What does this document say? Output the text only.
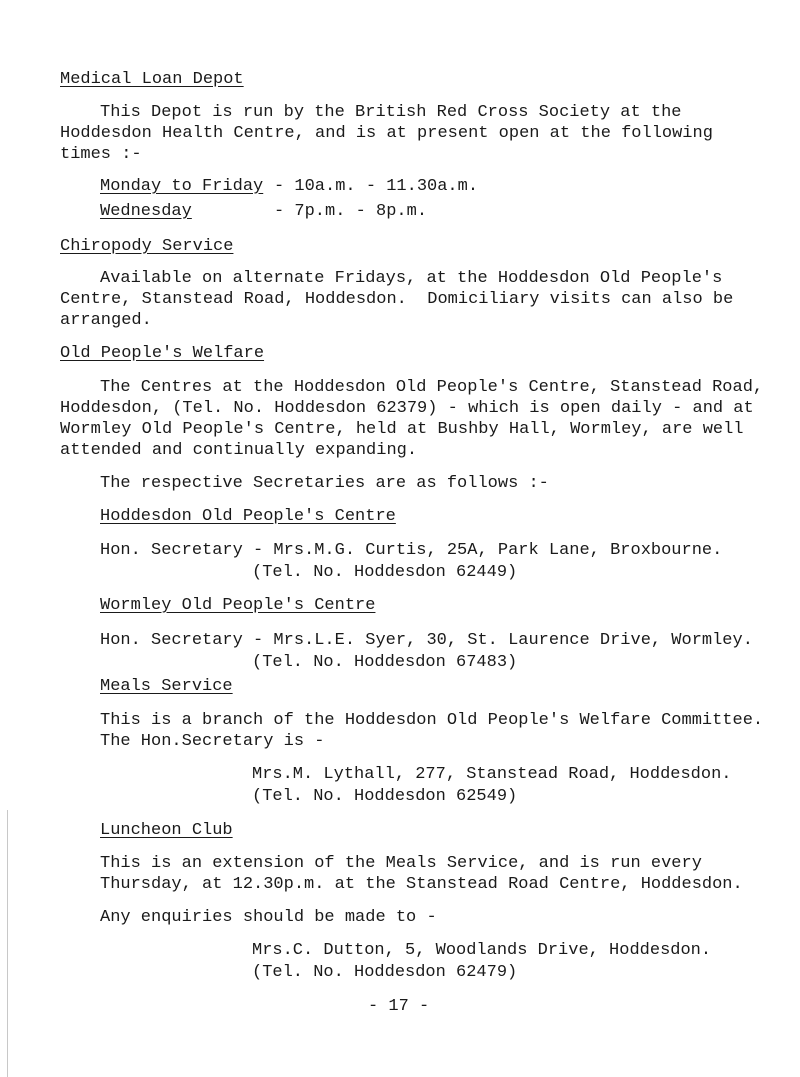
Medical Loan Depot
This Depot is run by the British Red Cross Society at the
Hoddesdon Health Centre, and is at present open at the following
times :-
Monday to Friday - 10a.m. - 11.30a.m.
Wednesday	- 7p.m. - 8p.m.
Chiropody Service
Available on alternate Fridays, at the Hoddesdon Old People's
Centre, Stanstead Road, Hoddesdon.  Domiciliary visits can also be
arranged.
Old People's Welfare
The Centres at the Hoddesdon Old People's Centre, Stanstead Road,
Hoddesdon, (Tel. No. Hoddesdon 62379) - which is open daily - and at
Wormley Old People's Centre, held at Bushby Hall, Wormley, are well
attended and continually expanding.
The respective Secretaries are as follows :-
Hoddesdon Old People's Centre
Hon. Secretary - Mrs.M.G. Curtis, 25A, Park Lane, Broxbourne.
(Tel. No. Hoddesdon 62449)
Wormley Old People's Centre
Hon. Secretary - Mrs.L.E. Syer, 30, St. Laurence Drive, Wormley.
(Tel. No. Hoddesdon 67483)
Meals Service
This is a branch of the Hoddesdon Old People's Welfare Committee.
The Hon.Secretary is -
Mrs.M. Lythall, 277, Stanstead Road, Hoddesdon.
(Tel. No. Hoddesdon 62549)
Luncheon Club
This is an extension of the Meals Service, and is run every
Thursday, at 12.30p.m. at the Stanstead Road Centre, Hoddesdon.
Any enquiries should be made to -
Mrs.C. Dutton, 5, Woodlands Drive, Hoddesdon.
(Tel. No. Hoddesdon 62479)
- 17 -
